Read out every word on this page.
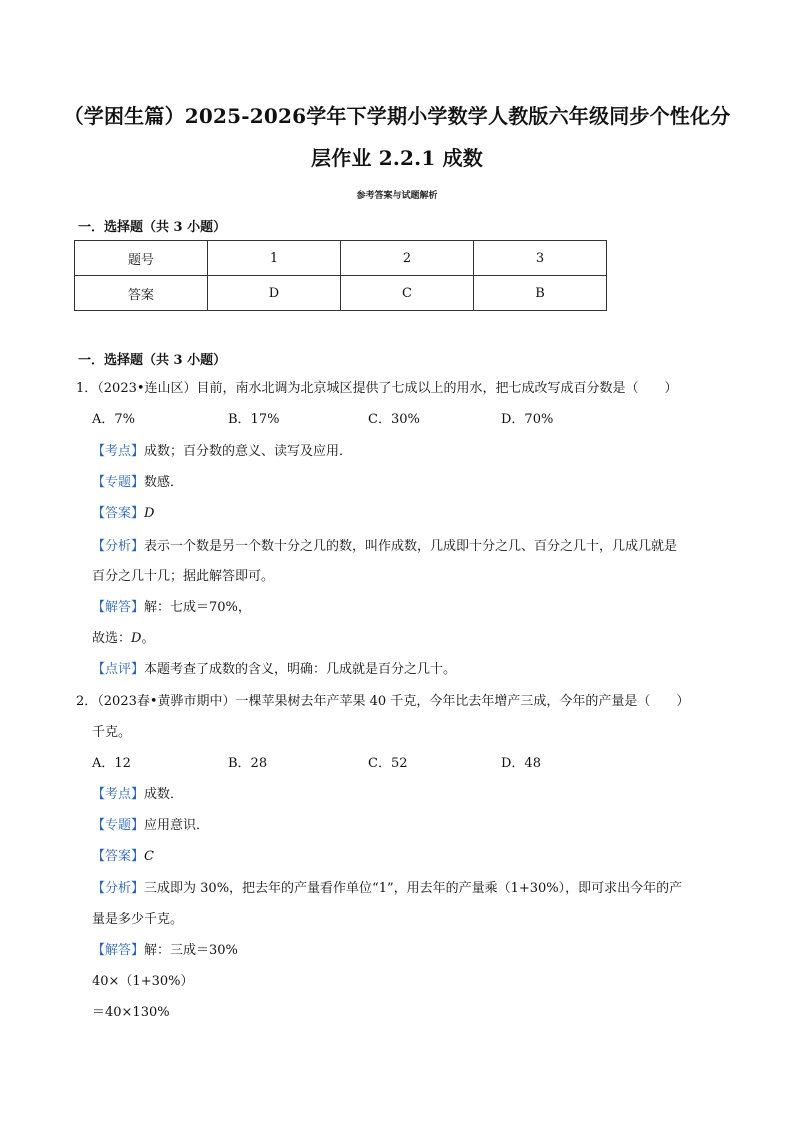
（学困生篇）2025-2026学年下学期小学数学人教版六年级同步个性化分
层作业 2.2.1 成数
参考答案与试题解析
一．选择题（共 3 小题）
题号	1	2	3
答案	D	C	B
一．选择题（共 3 小题）
1．（2023•连山区）目前，南水北调为北京城区提供了七成以上的用水，把七成改写成百分数是（　　）
A．7%	B．17%	C．30%	D．70%
【考点】成数；百分数的意义、读写及应用．
【专题】数感．
【答案】D
【分析】表示一个数是另一个数十分之几的数，叫作成数，几成即十分之几、百分之几十，几成几就是
百分之几十几；据此解答即可。
【解答】解：七成＝70%，
故选：D。
【点评】本题考查了成数的含义，明确：几成就是百分之几十。
2．（2023春•黄骅市期中）一棵苹果树去年产苹果 40 千克，今年比去年增产三成，今年的产量是（　　）
千克。
A．12	B．28	C．52	D．48
【考点】成数．
【专题】应用意识．
【答案】C
【分析】三成即为 30%，把去年的产量看作单位“1”，用去年的产量乘（1+30%），即可求出今年的产
量是多少千克。
【解答】解：三成＝30%
40×（1+30%）
＝40×130%
